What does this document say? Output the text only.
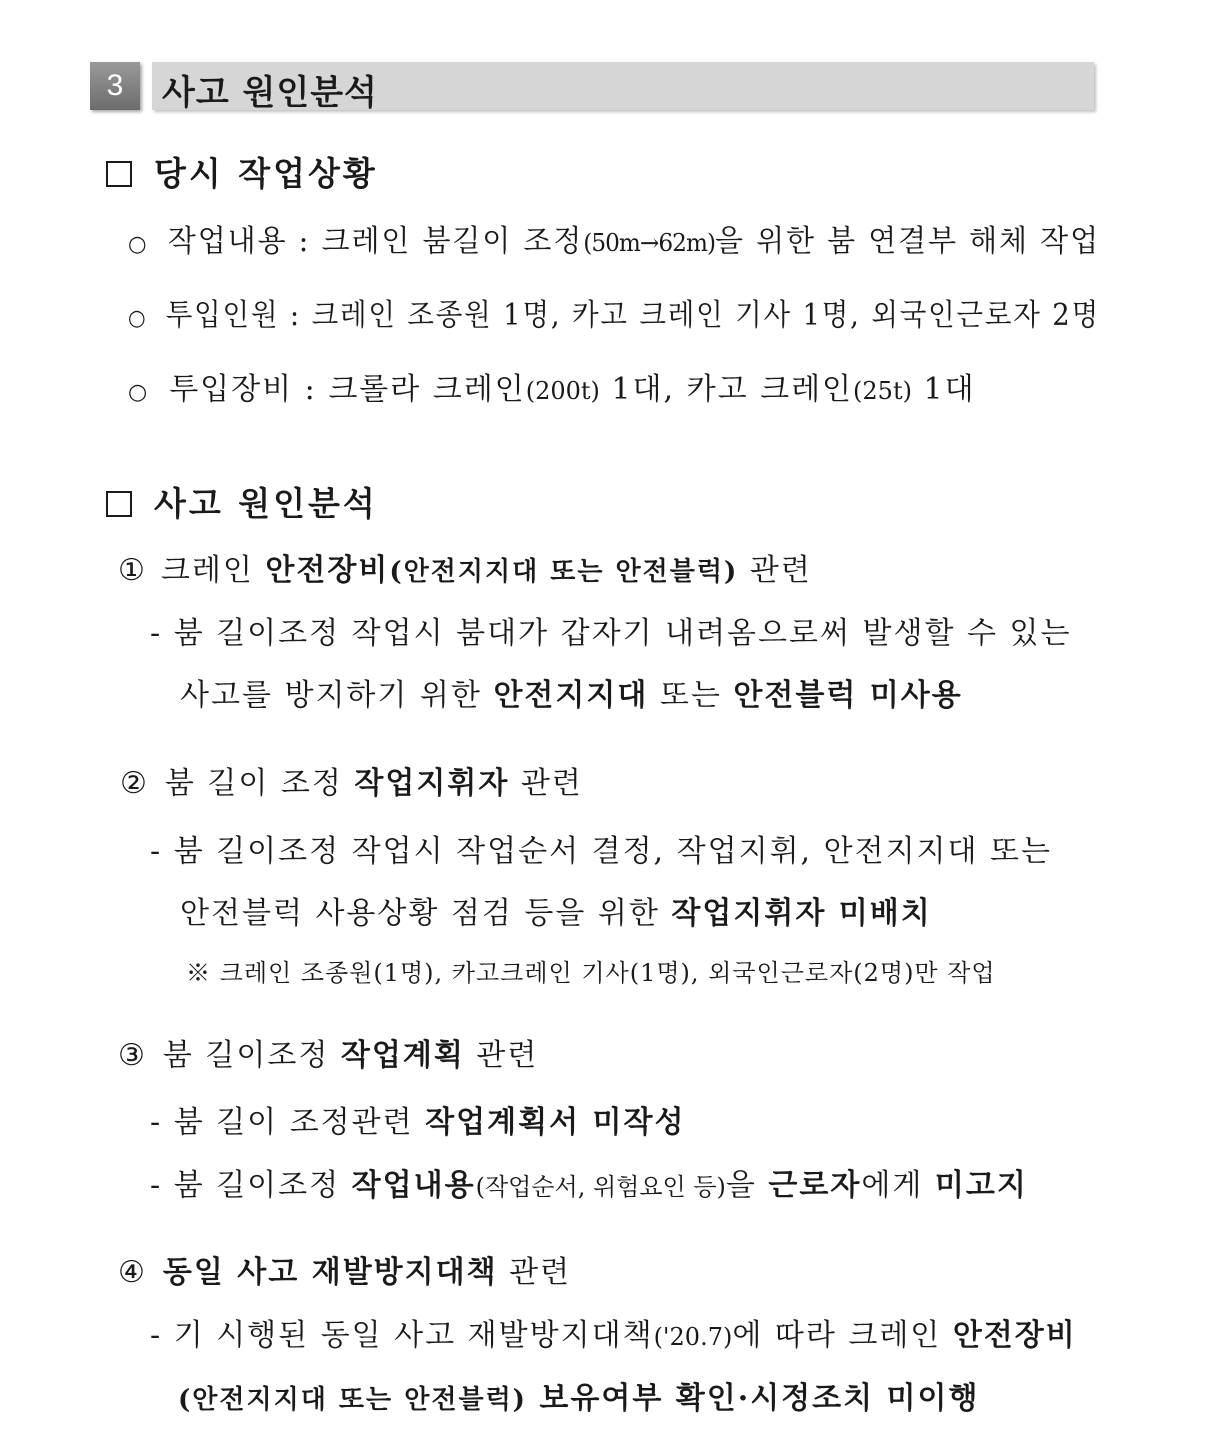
3 사고 원인분석
당시 작업상황
○ 작업내용 : 크레인 붐길이 조정(50m→62m)을 위한 붐 연결부 해체 작업
○ 투입인원 : 크레인 조종원 1명, 카고 크레인 기사 1명, 외국인근로자 2명
○ 투입장비 : 크롤라 크레인(200t) 1대, 카고 크레인(25t) 1대
사고 원인분석
① 크레인 안전장비(안전지지대 또는 안전블럭) 관련
- 붐 길이조정 작업시 붐대가 갑자기 내려옴으로써 발생할 수 있는
사고를 방지하기 위한 안전지지대 또는 안전블럭 미사용
② 붐 길이 조정 작업지휘자 관련
- 붐 길이조정 작업시 작업순서 결정, 작업지휘, 안전지지대 또는
안전블럭 사용상황 점검 등을 위한 작업지휘자 미배치
※ 크레인 조종원(1명), 카고크레인 기사(1명), 외국인근로자(2명)만 작업
③ 붐 길이조정 작업계획 관련
- 붐 길이 조정관련 작업계획서 미작성
- 붐 길이조정 작업내용(작업순서, 위험요인 등)을 근로자에게 미고지
④ 동일 사고 재발방지대책 관련
- 기 시행된 동일 사고 재발방지대책('20.7)에 따라 크레인 안전장비
(안전지지대 또는 안전블럭) 보유여부 확인·시정조치 미이행
